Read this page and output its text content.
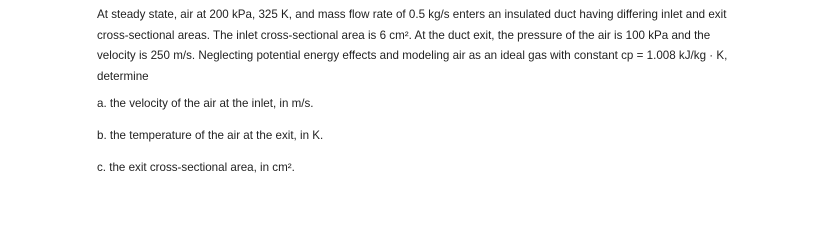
At steady state, air at 200 kPa, 325 K, and mass flow rate of 0.5 kg/s enters an insulated duct having differing inlet and exit cross-sectional areas. The inlet cross-sectional area is 6 cm². At the duct exit, the pressure of the air is 100 kPa and the velocity is 250 m/s. Neglecting potential energy effects and modeling air as an ideal gas with constant cp = 1.008 kJ/kg · K, determine

a. the velocity of the air at the inlet, in m/s.

b. the temperature of the air at the exit, in K.

c. the exit cross-sectional area, in cm².
